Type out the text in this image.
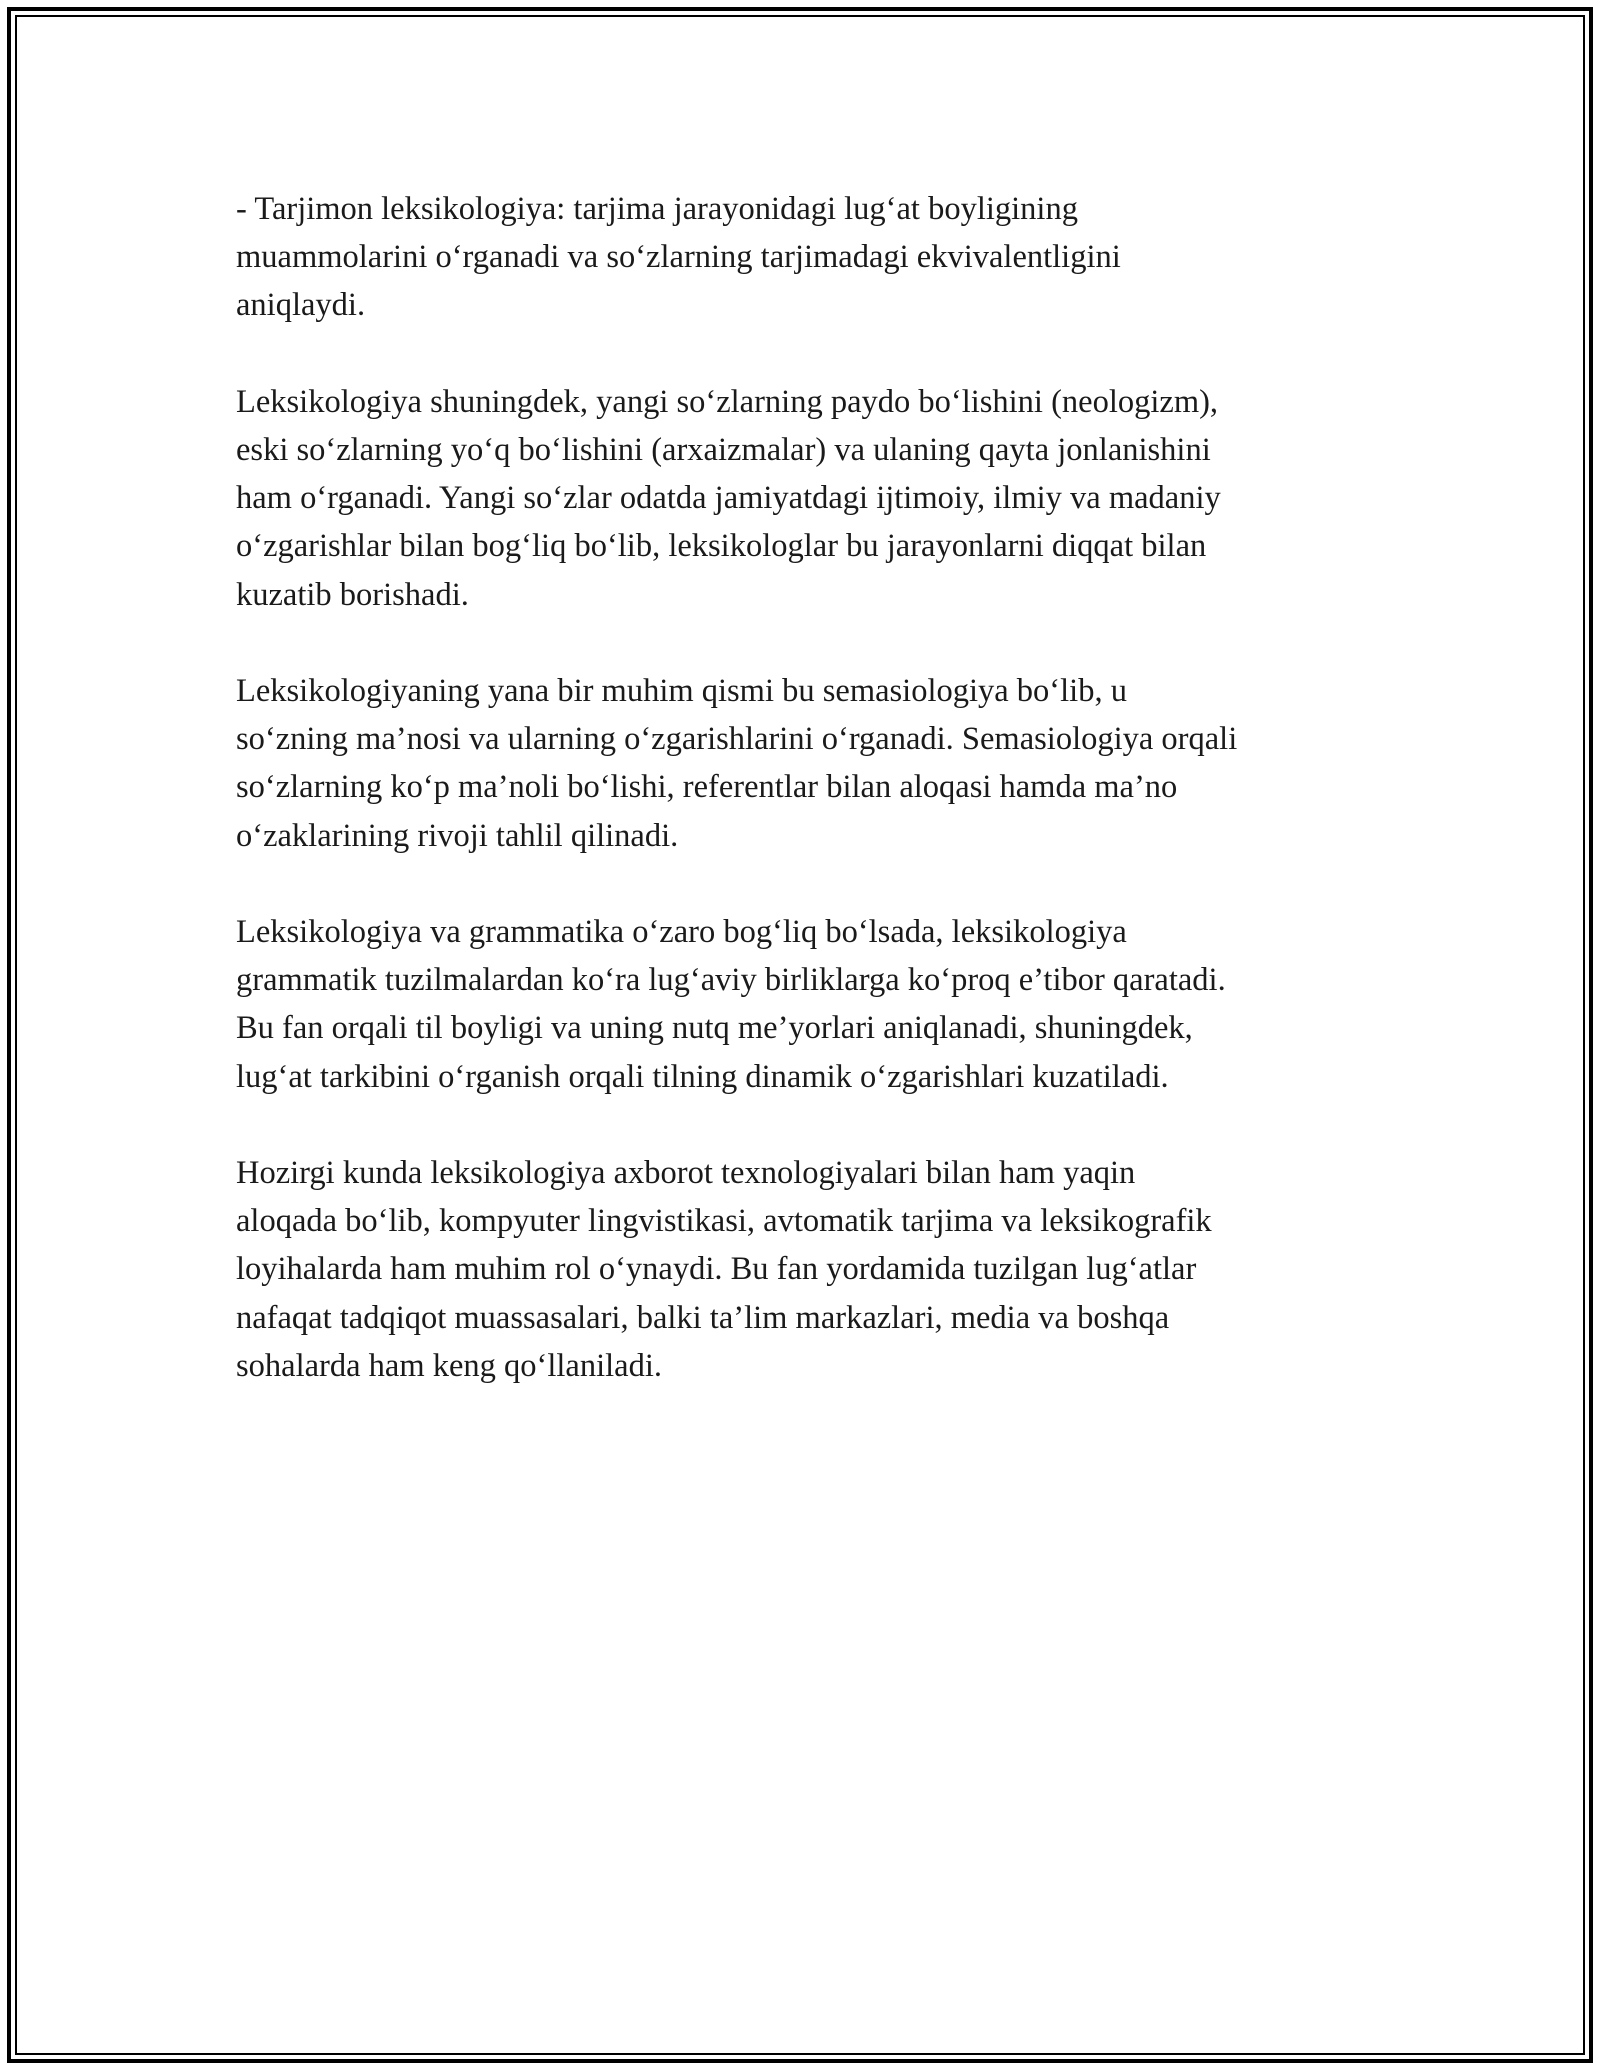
- Tarjimon leksikologiya: tarjima jarayonidagi lug‘at boyligining
muammolarini o‘rganadi va so‘zlarning tarjimadagi ekvivalentligini
aniqlaydi.

Leksikologiya shuningdek, yangi so‘zlarning paydo bo‘lishini (neologizm),
eski so‘zlarning yo‘q bo‘lishini (arxaizmalar) va ulaning qayta jonlanishini
ham o‘rganadi. Yangi so‘zlar odatda jamiyatdagi ijtimoiy, ilmiy va madaniy
o‘zgarishlar bilan bog‘liq bo‘lib, leksikologlar bu jarayonlarni diqqat bilan
kuzatib borishadi.

Leksikologiyaning yana bir muhim qismi bu semasiologiya bo‘lib, u
so‘zning ma’nosi va ularning o‘zgarishlarini o‘rganadi. Semasiologiya orqali
so‘zlarning ko‘p ma’noli bo‘lishi, referentlar bilan aloqasi hamda ma’no
o‘zaklarining rivoji tahlil qilinadi.

Leksikologiya va grammatika o‘zaro bog‘liq bo‘lsada, leksikologiya
grammatik tuzilmalardan ko‘ra lug‘aviy birliklarga ko‘proq e’tibor qaratadi.
Bu fan orqali til boyligi va uning nutq me’yorlari aniqlanadi, shuningdek,
lug‘at tarkibini o‘rganish orqali tilning dinamik o‘zgarishlari kuzatiladi.

Hozirgi kunda leksikologiya axborot texnologiyalari bilan ham yaqin
aloqada bo‘lib, kompyuter lingvistikasi, avtomatik tarjima va leksikografik
loyihalarda ham muhim rol o‘ynaydi. Bu fan yordamida tuzilgan lug‘atlar
nafaqat tadqiqot muassasalari, balki ta’lim markazlari, media va boshqa
sohalarda ham keng qo‘llaniladi.
